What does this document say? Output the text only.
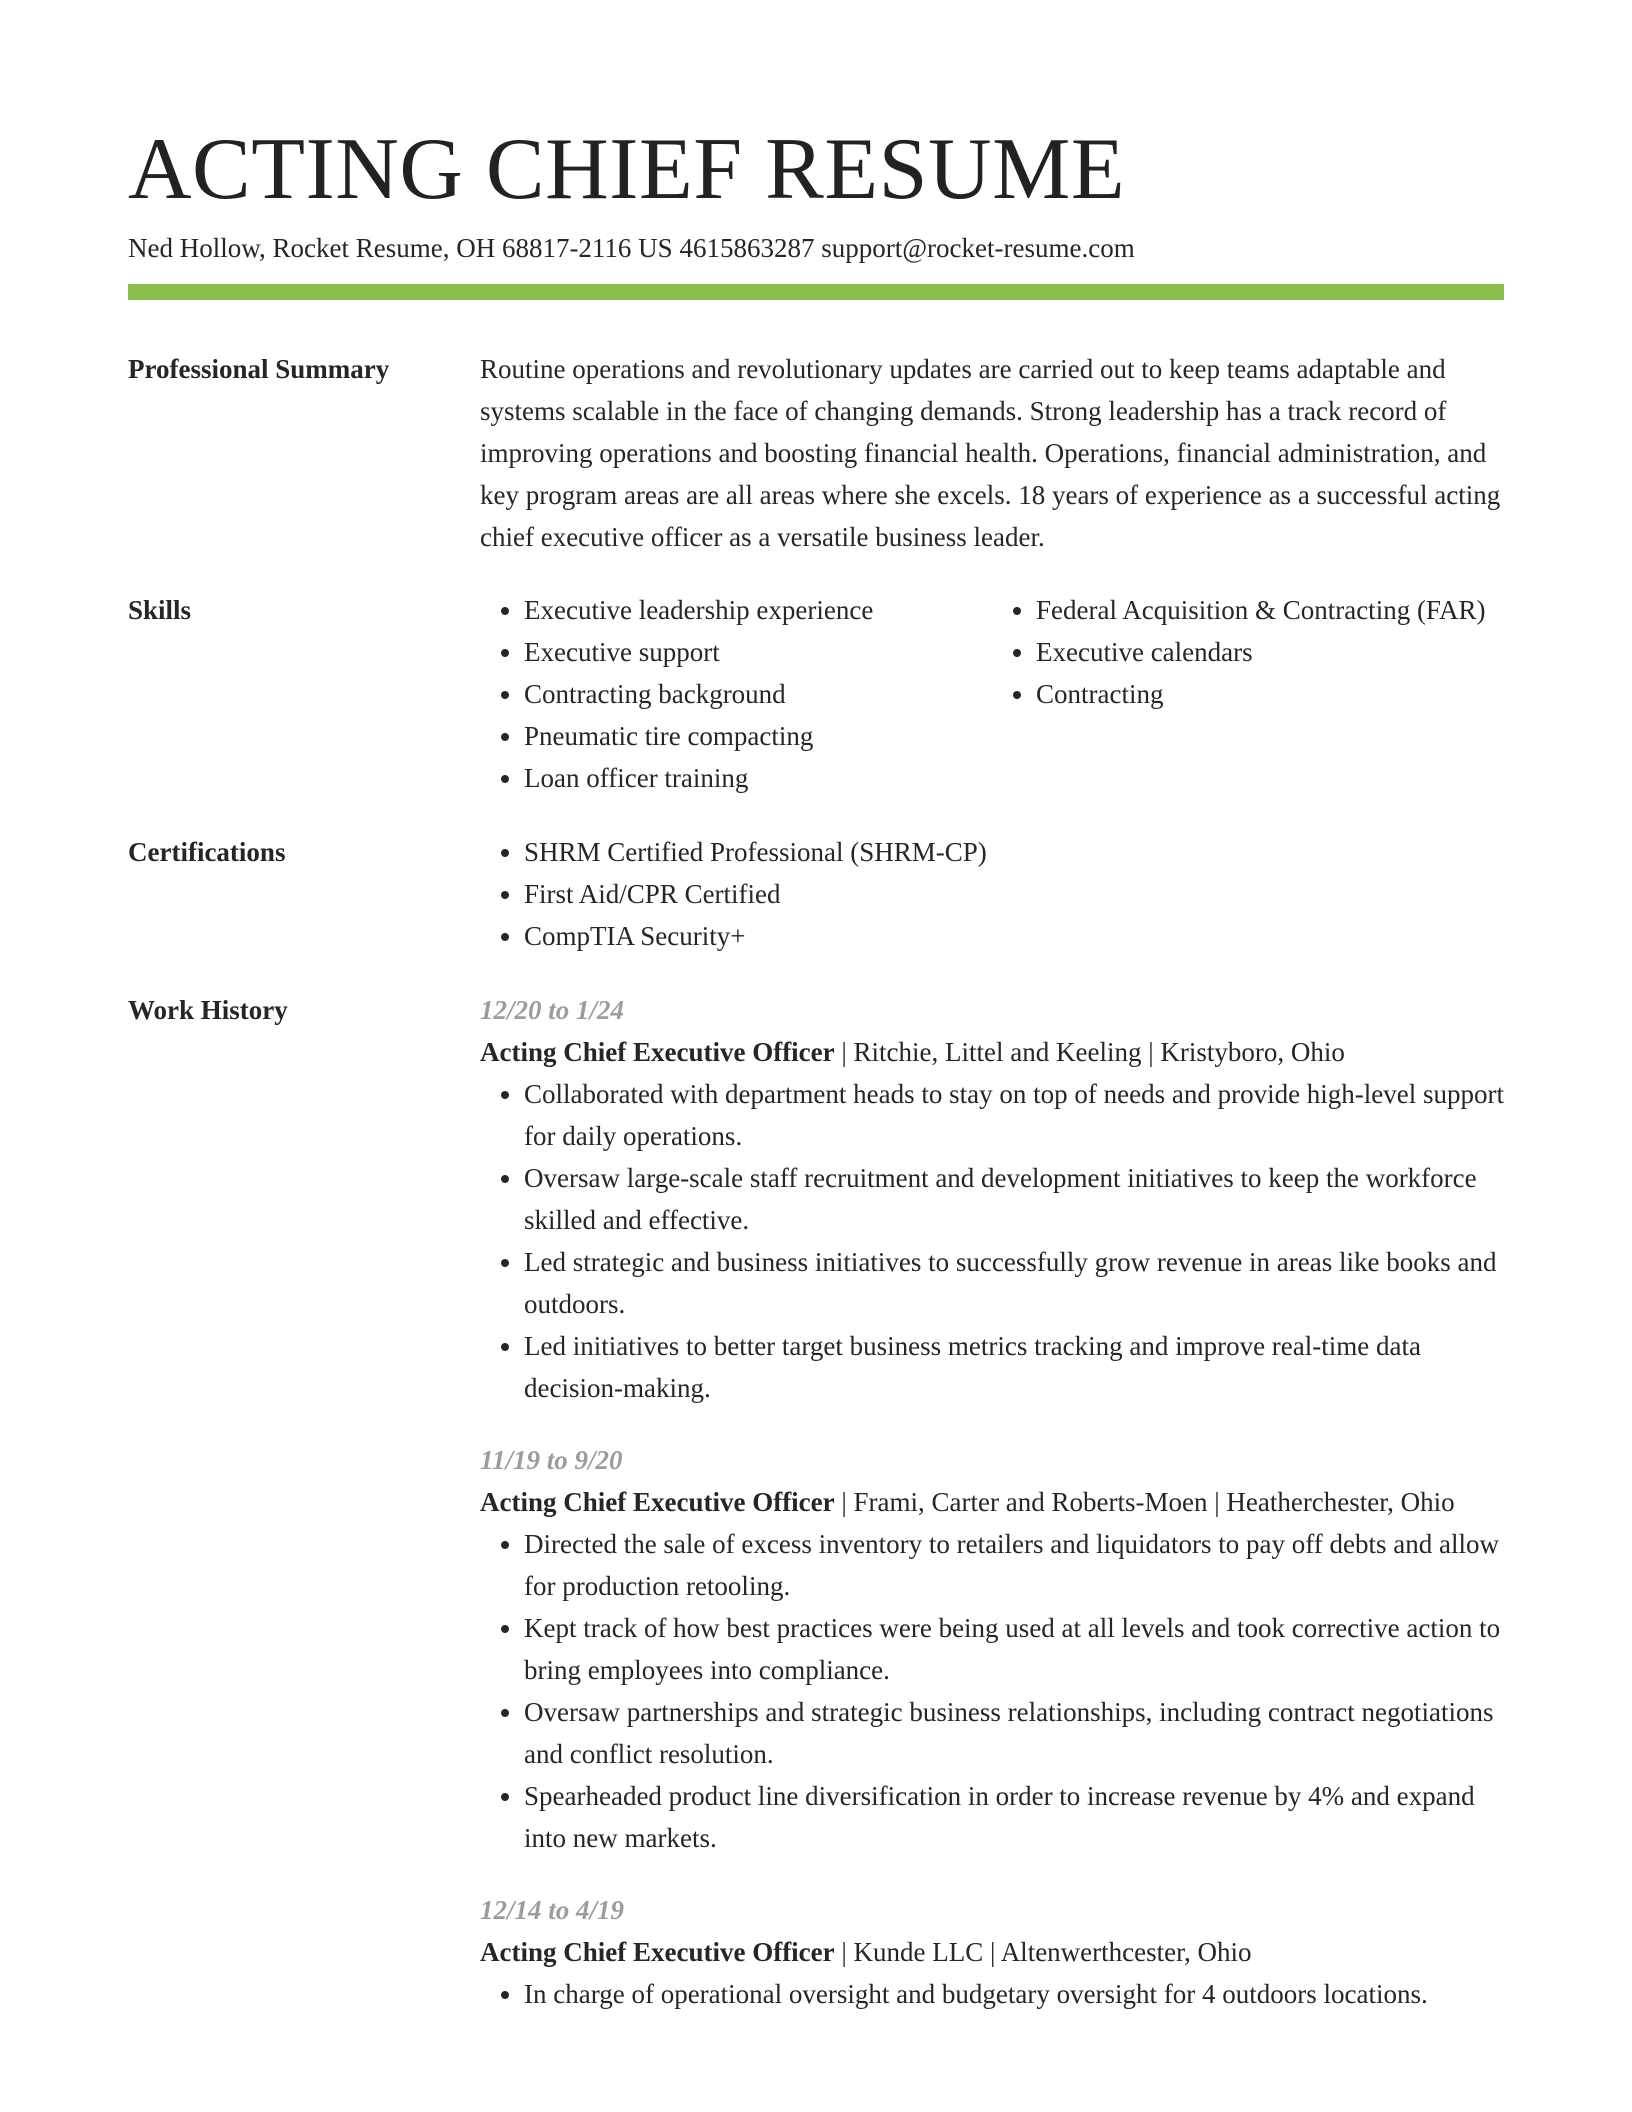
ACTING CHIEF RESUME
Ned Hollow, Rocket Resume, OH 68817-2116 US 4615863287 support@rocket-resume.com
Professional Summary	Routine operations and revolutionary updates are carried out to keep teams adaptable and systems scalable in the face of changing demands. Strong leadership has a track record of improving operations and boosting financial health. Operations, financial administration, and key program areas are all areas where she excels. 18 years of experience as a successful acting chief executive officer as a versatile business leader.

Skills	• Executive leadership experience
• Executive support
• Contracting background
• Pneumatic tire compacting
• Loan officer training
• Federal Acquisition & Contracting (FAR)
• Executive calendars
• Contracting
Certifications	• SHRM Certified Professional (SHRM-CP)
• First Aid/CPR Certified
• CompTIA Security+
Work History	12/20 to 1/24
Acting Chief Executive Officer | Ritchie, Littel and Keeling | Kristyboro, Ohio
• Collaborated with department heads to stay on top of needs and provide high-level support for daily operations.
• Oversaw large-scale staff recruitment and development initiatives to keep the workforce skilled and effective.
• Led strategic and business initiatives to successfully grow revenue in areas like books and outdoors.
• Led initiatives to better target business metrics tracking and improve real-time data decision-making.
11/19 to 9/20
Acting Chief Executive Officer | Frami, Carter and Roberts-Moen | Heatherchester, Ohio
• Directed the sale of excess inventory to retailers and liquidators to pay off debts and allow for production retooling.
• Kept track of how best practices were being used at all levels and took corrective action to bring employees into compliance.
• Oversaw partnerships and strategic business relationships, including contract negotiations and conflict resolution.
• Spearheaded product line diversification in order to increase revenue by 4% and expand into new markets.
12/14 to 4/19
Acting Chief Executive Officer | Kunde LLC | Altenwerthcester, Ohio
• In charge of operational oversight and budgetary oversight for 4 outdoors locations.
